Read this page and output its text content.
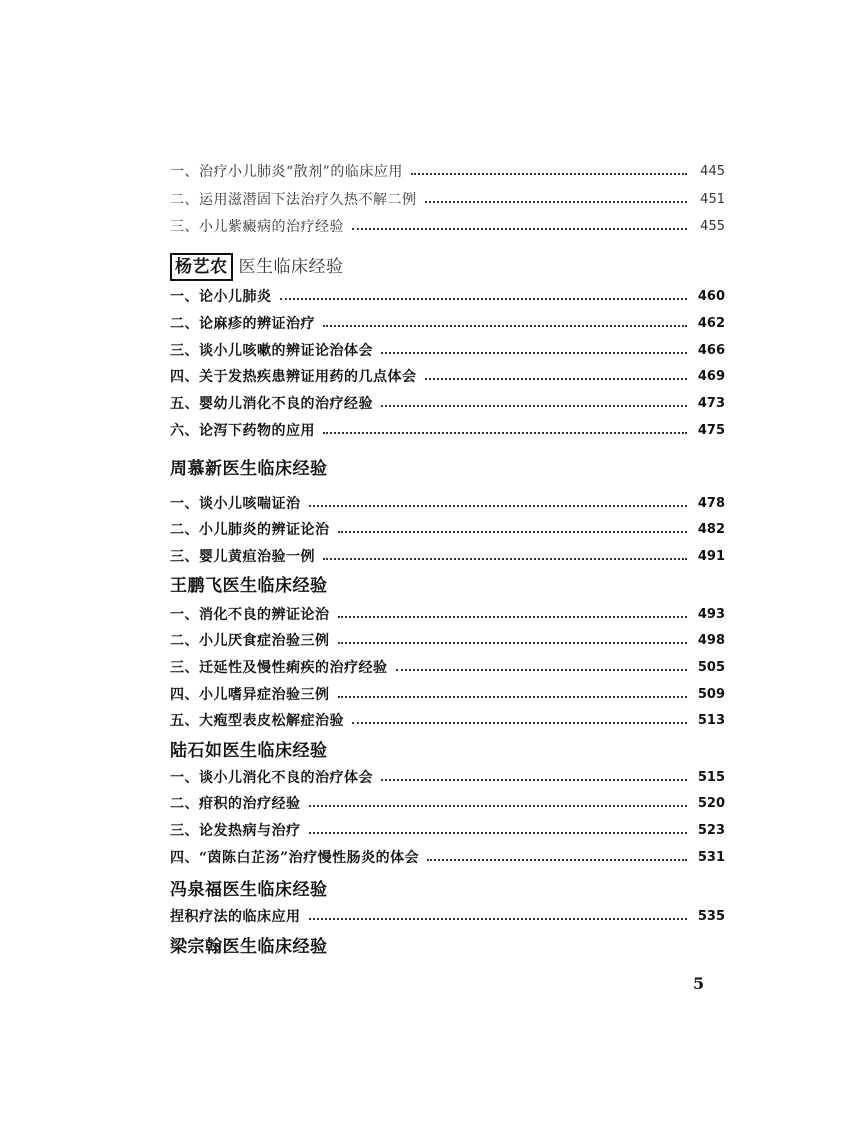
一、治疗小儿肺炎“散剂”的临床应用	445
二、运用滋潜固下法治疗久热不解二例	451
三、小儿紫癜病的治疗经验	455
杨艺农 医生临床经验
一、论小儿肺炎	460
二、论麻疹的辨证治疗	462
三、谈小儿咳嗽的辨证论治体会	466
四、关于发热疾患辨证用药的几点体会	469
五、婴幼儿消化不良的治疗经验	473
六、论泻下药物的应用	475
周慕新医生临床经验
一、谈小儿咳喘证治	478
二、小儿肺炎的辨证论治	482
三、婴儿黄疸治验一例	491
王鹏飞医生临床经验
一、消化不良的辨证论治	493
二、小儿厌食症治验三例	498
三、迁延性及慢性痢疾的治疗经验	505
四、小儿嗜异症治验三例	509
五、大疱型表皮松解症治验	513
陆石如医生临床经验
一、谈小儿消化不良的治疗体会	515
二、疳积的治疗经验	520
三、论发热病与治疗	523
四、“茵陈白芷汤”治疗慢性肠炎的体会	531
冯泉福医生临床经验
捏积疗法的临床应用	535
梁宗翰医生临床经验
5
